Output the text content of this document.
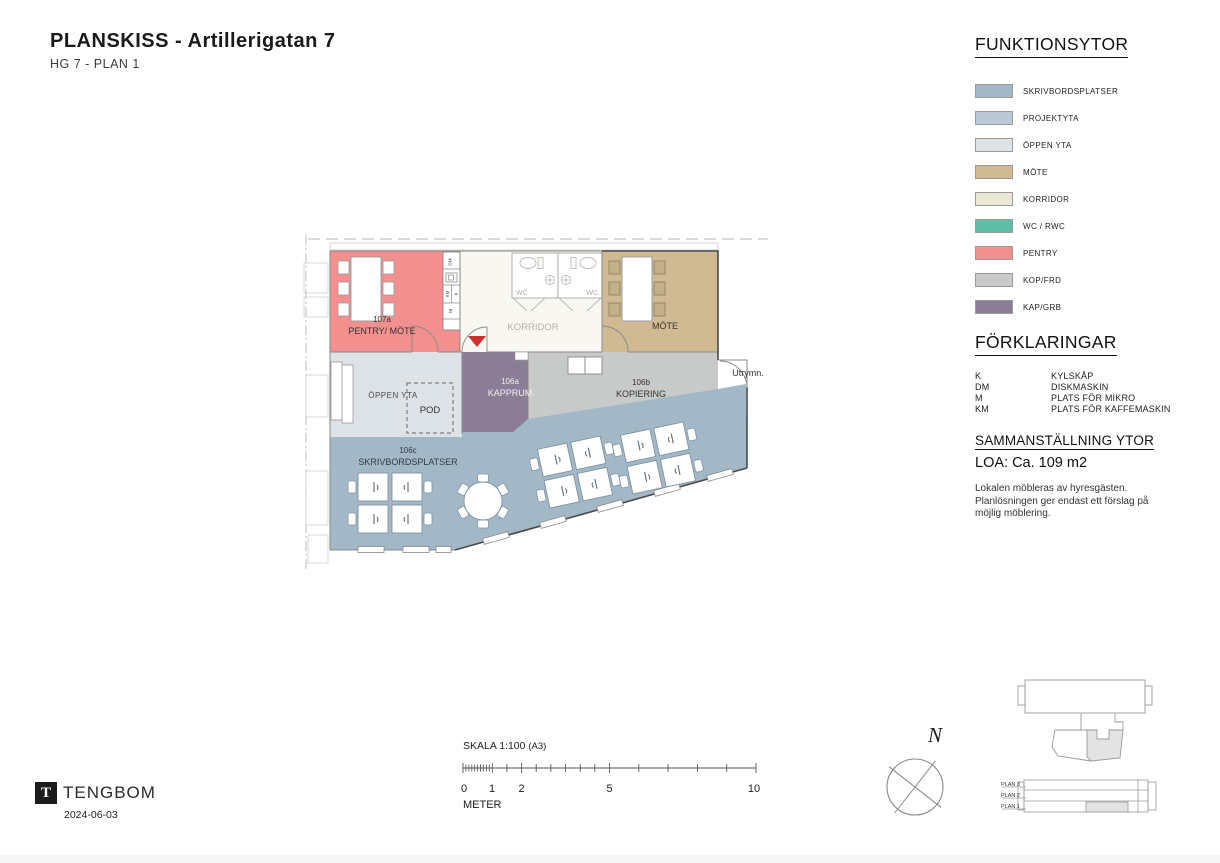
PLANSKISS - Artillerigatan 7
HG 7 - PLAN 1
DM
KM K
M
WC	WC
107a
PENTRY/ MÖTE	KORRIDOR	MÖTE
ÖPPEN YTA
POD
106a
KAPPRUM
106b
KOPIERING
106c
SKRIVBORDSPLATSER
Utrymn.
FUNKTIONSYTOR
SKRIVBORDSPLATSER
PROJEKTYTA
ÖPPEN YTA
MÖTE
KORRIDOR
WC / RWC
PENTRY
KOP/FRD
KAP/GRB
FÖRKLARINGAR
K	KYLSKÅP
DM	DISKMASKIN
M	PLATS FÖR MIKRO
KM	PLATS FÖR KAFFEMASKIN
SAMMANSTÄLLNING YTOR
LOA: Ca. 109 m2
Lokalen möbleras av hyresgästen. Planlösningen ger endast ett förslag på möjlig möblering.
SKALA 1:100 (A3)
0 1 2	5	10
METER
T TENGBOM
2024-06-03
N
PLAN 3
PLAN 2
PLAN 1
